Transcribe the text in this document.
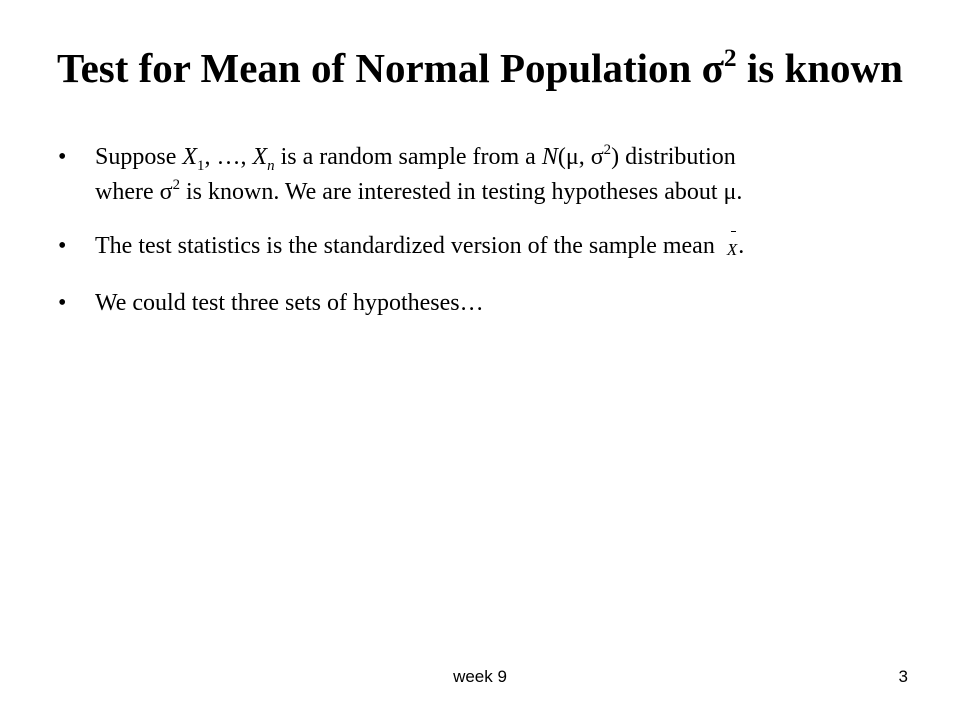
Test for Mean of Normal Population $\sigma^2$ is known
• Suppose $X_1$, …, $X_n$ is a random sample from a N(μ, $\sigma^2$) distribution
where $\sigma^2$ is known. We are interested in testing hypotheses about μ.
• The test statistics is the standardized version of the sample mean
X.
• We could test three sets of hypotheses…
week 9	3
